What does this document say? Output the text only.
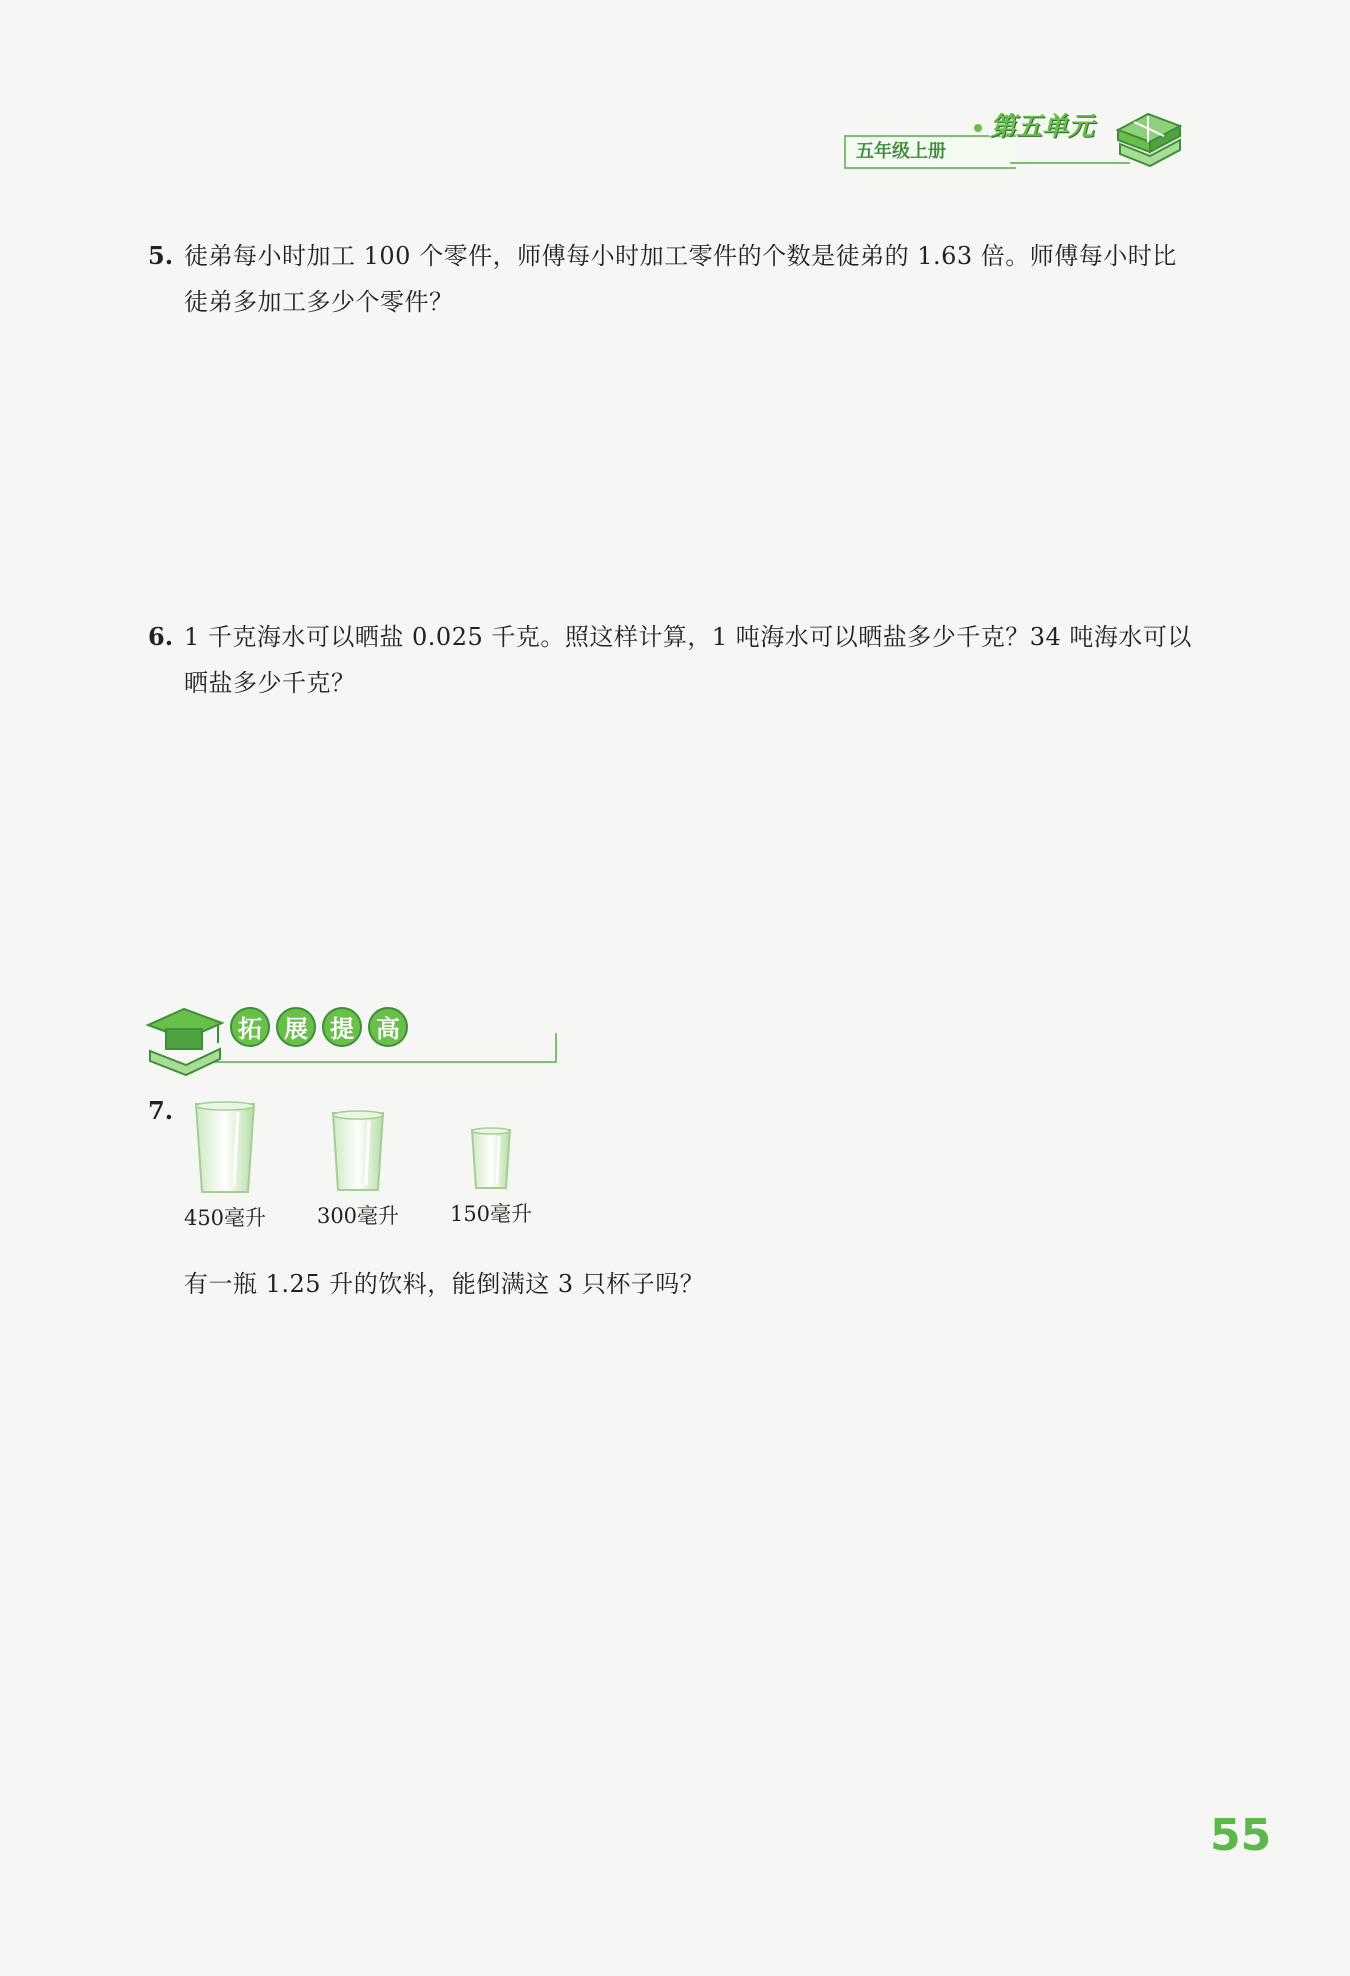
五年级上册
第五单元
5. 徒弟每小时加工 100 个零件，师傅每小时加工零件的个数是徒弟的 1.63 倍。师傅每小时比徒弟多加工多少个零件？
6. 1 千克海水可以晒盐 0.025 千克。照这样计算，1 吨海水可以晒盐多少千克？34 吨海水可以晒盐多少千克？
拓 展 提 高
7.
450毫升 300毫升 150毫升
有一瓶 1.25 升的饮料，能倒满这 3 只杯子吗？
55
